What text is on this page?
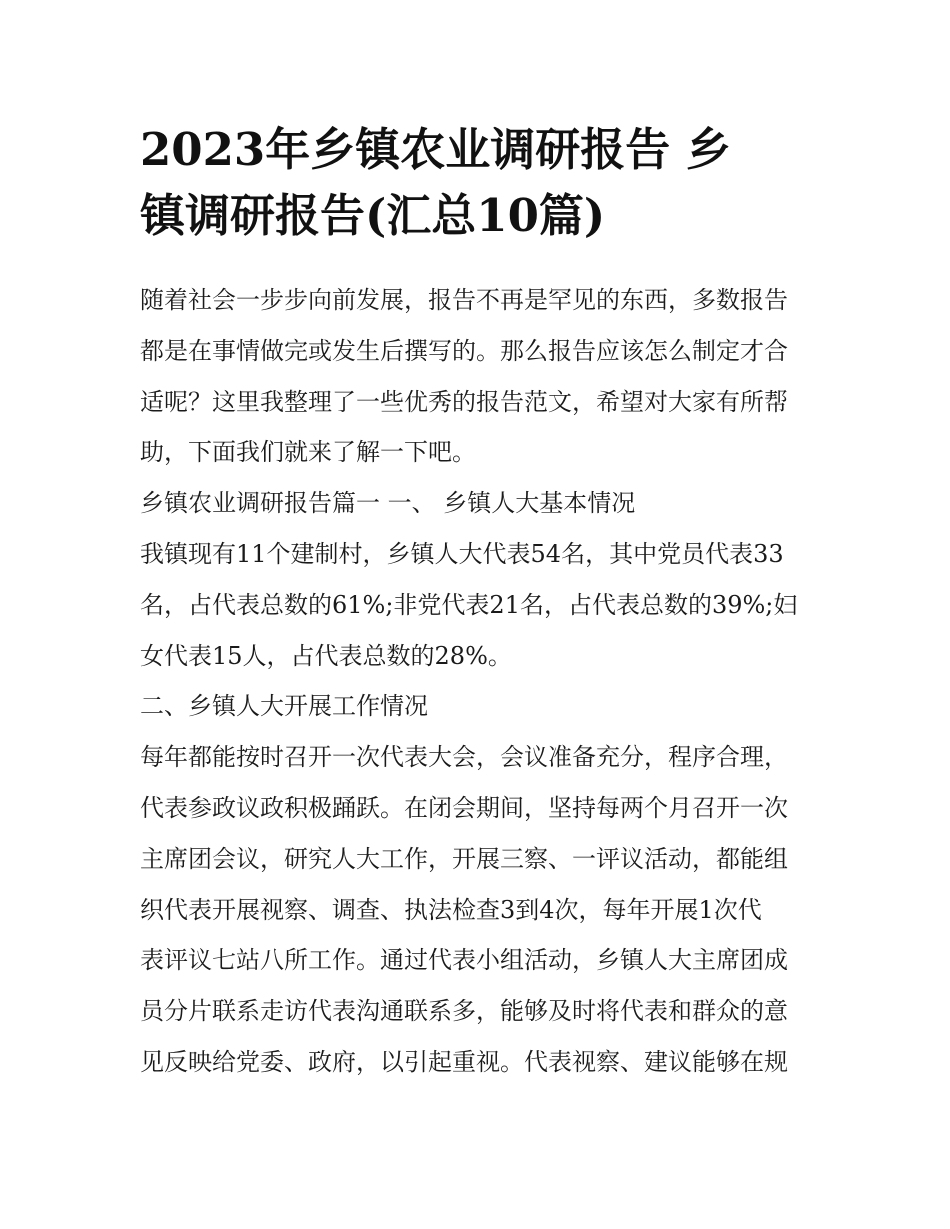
2023年乡镇农业调研报告 乡
镇调研报告(汇总10篇)
随着社会一步步向前发展，报告不再是罕见的东西，多数报告
都是在事情做完或发生后撰写的。那么报告应该怎么制定才合
适呢？这里我整理了一些优秀的报告范文，希望对大家有所帮
助，下面我们就来了解一下吧。
乡镇农业调研报告篇一 一、 乡镇人大基本情况
我镇现有11个建制村，乡镇人大代表54名，其中党员代表33
名，占代表总数的61%;非党代表21名，占代表总数的39%;妇
女代表15人，占代表总数的28%。
二、乡镇人大开展工作情况
每年都能按时召开一次代表大会，会议准备充分，程序合理，
代表参政议政积极踊跃。在闭会期间，坚持每两个月召开一次
主席团会议，研究人大工作，开展三察、一评议活动，都能组
织代表开展视察、调查、执法检查3到4次，每年开展1次代
表评议七站八所工作。通过代表小组活动，乡镇人大主席团成
员分片联系走访代表沟通联系多，能够及时将代表和群众的意
见反映给党委、政府，以引起重视。代表视察、建议能够在规
